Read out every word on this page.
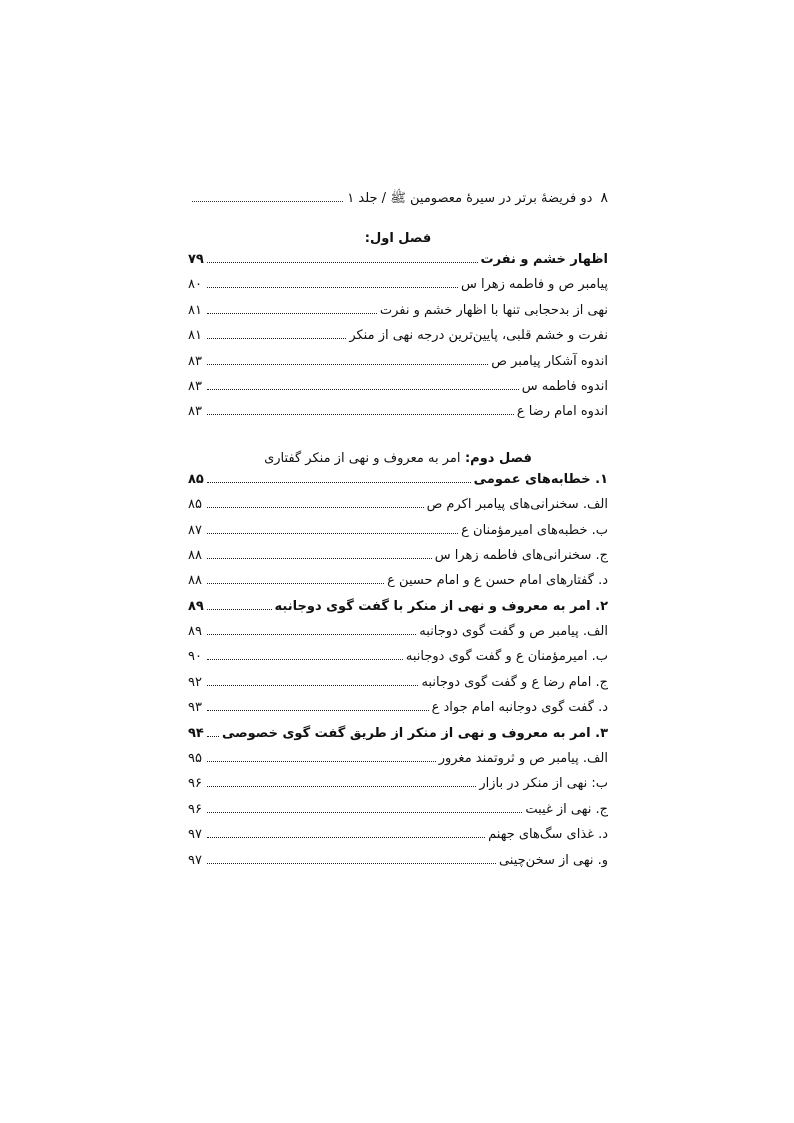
۸
دو فریضهٔ برتر در سیرهٔ معصومین ﷺ / جلد ۱
فصل اول:
اظهار خشم و نفرت
۷۹
پیامبر ص و فاطمه زهرا س
۸۰
نهی از بدحجابی تنها با اظهار خشم و نفرت
۸۱
نفرت و خشم قلبی، پایین‌ترین درجه نهی از منکر
۸۱
اندوه آشکار پیامبر ص
۸۳
اندوه فاطمه س
۸۳
اندوه امام رضا ع
۸۳
فصل دوم: امر به معروف و نهی از منکر گفتاری
۱. خطابه‌های عمومی
۸۵
الف. سخنرانی‌های پیامبر اکرم ص
۸۵
ب. خطبه‌های امیرمؤمنان ع
۸۷
ج. سخنرانی‌های فاطمه زهرا س
۸۸
د. گفتارهای امام حسن ع و امام حسین ع
۸۸
۲. امر به معروف و نهی از منکر با گفت گوی دوجانبه
۸۹
الف. پیامبر ص و گفت گوی دوجانبه
۸۹
ب. امیرمؤمنان ع و گفت گوی دوجانبه
۹۰
ج. امام رضا ع و گفت گوی دوجانبه
۹۲
د. گفت گوی دوجانبه امام جواد ع
۹۳
۳. امر به معروف و نهی از منکر از طریق گفت گوی خصوصی
۹۴
الف. پیامبر ص و ثروتمند مغرور
۹۵
ب: نهی از منکر در بازار
۹۶
ج. نهی از غیبت
۹۶
د. غذای سگ‌های جهنم
۹۷
و. نهی از سخن‌چینی
۹۷
